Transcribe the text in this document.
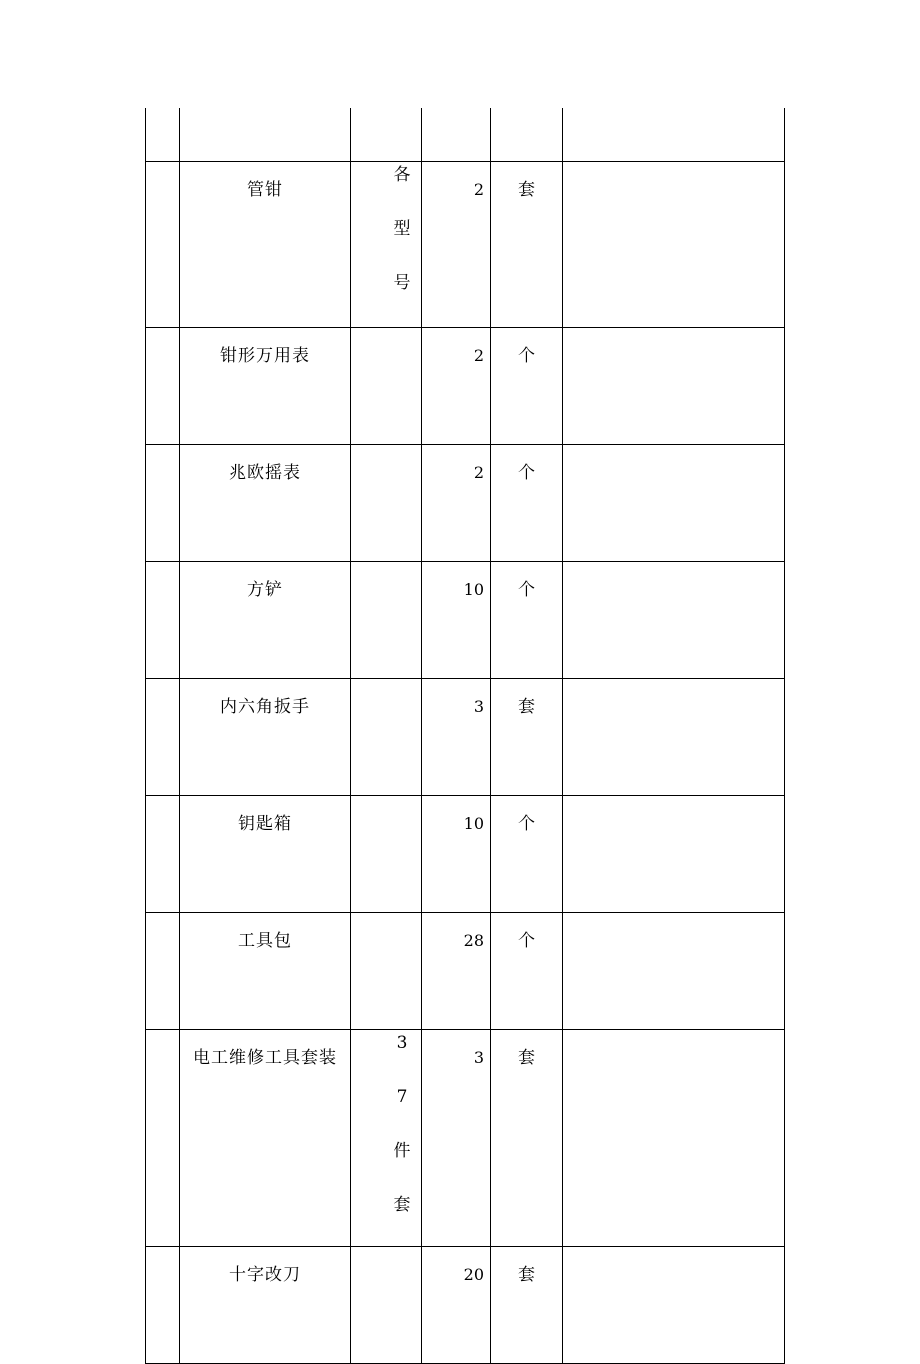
	管钳	各型号	2	套	
	钳形万用表		2	个	
	兆欧摇表		2	个	
	方铲		10	个	
	内六角扳手		3	套	
	钥匙箱		10	个	
	工具包		28	个	

	电工维修工具套装	37件套	3	套	
	十字改刀		20	套	
